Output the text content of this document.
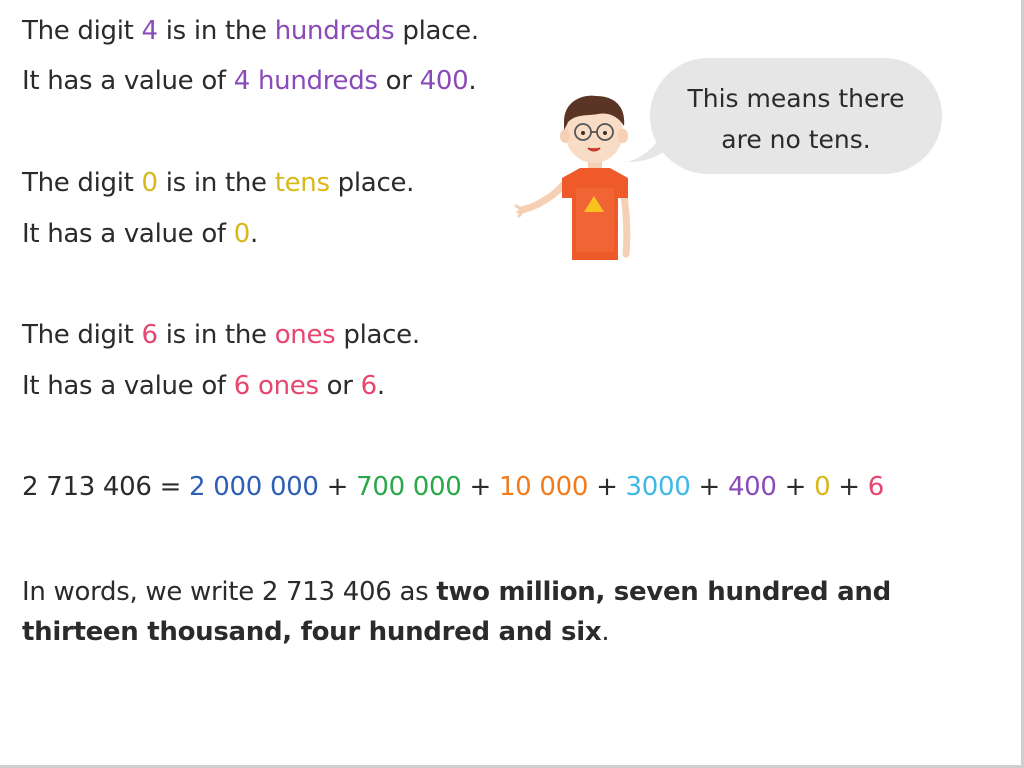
The digit 4 is in the hundreds place.
It has a value of 4 hundreds or 400.
The digit 0 is in the tens place.
It has a value of 0.
The digit 6 is in the ones place.
It has a value of 6 ones or 6.
2 713 406 = 2 000 000 + 700 000 + 10 000 + 3000 + 400 + 0 + 6
In words, we write 2 713 406 as two million, seven hundred and thirteen thousand, four hundred and six.
This means there
are no tens.
